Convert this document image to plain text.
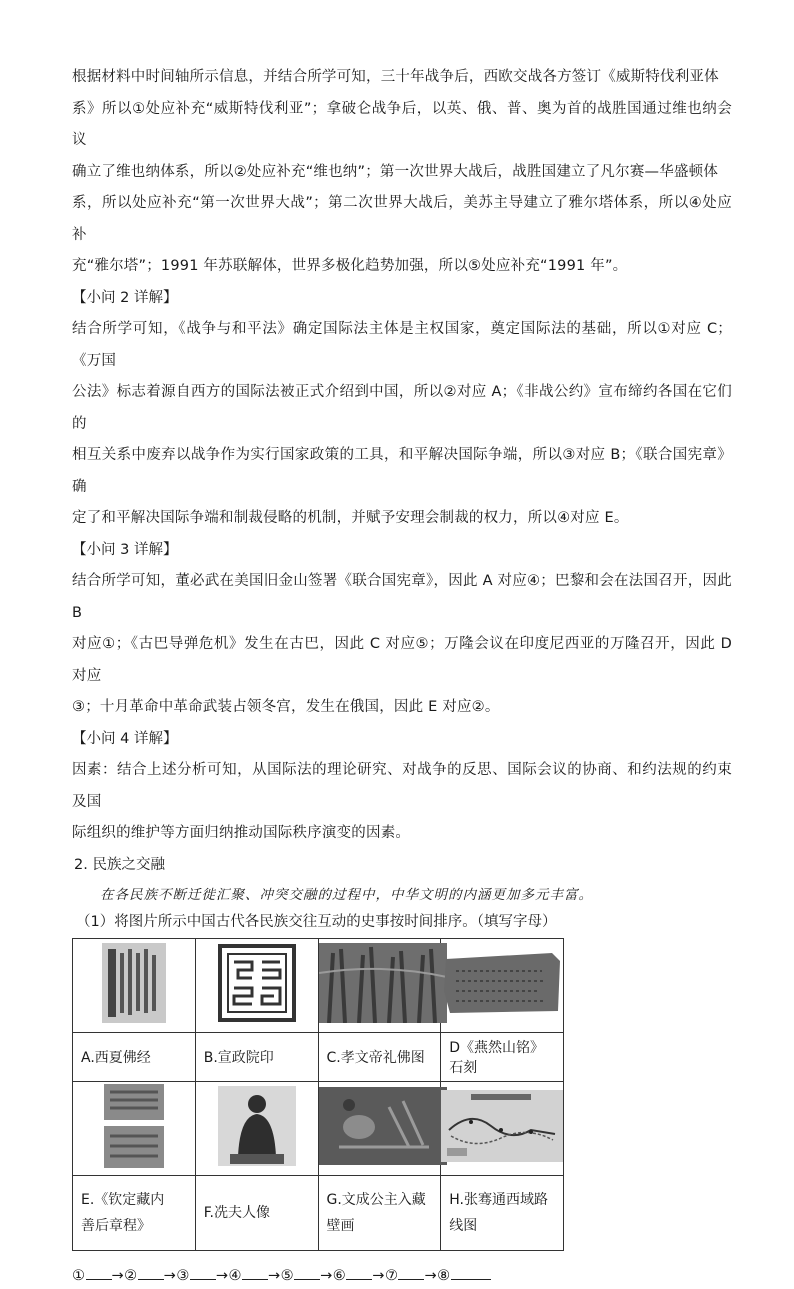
根据材料中时间轴所示信息，并结合所学可知，三十年战争后，西欧交战各方签订《威斯特伐利亚体

系》所以①处应补充“威斯特伐利亚”；拿破仑战争后，以英、俄、普、奥为首的战胜国通过维也纳会议

确立了维也纳体系，所以②处应补充“维也纳”；第一次世界大战后，战胜国建立了凡尔赛—华盛顿体

系，所以处应补充“第一次世界大战”；第二次世界大战后，美苏主导建立了雅尔塔体系，所以④处应补

充“雅尔塔”；1991 年苏联解体，世界多极化趋势加强，所以⑤处应补充“1991 年”。

【小问 2 详解】

结合所学可知，《战争与和平法》确定国际法主体是主权国家，奠定国际法的基础，所以①对应 C；《万国

公法》标志着源自西方的国际法被正式介绍到中国，所以②对应 A；《非战公约》宣布缔约各国在它们的

相互关系中废弃以战争作为实行国家政策的工具，和平解决国际争端，所以③对应 B；《联合国宪章》确

定了和平解决国际争端和制裁侵略的机制，并赋予安理会制裁的权力，所以④对应 E。

【小问 3 详解】

结合所学可知，董必武在美国旧金山签署《联合国宪章》，因此 A 对应④；巴黎和会在法国召开，因此 B

对应①；《古巴导弹危机》发生在古巴，因此 C 对应⑤；万隆会议在印度尼西亚的万隆召开，因此 D 对应

③；十月革命中革命武装占领冬宫，发生在俄国，因此 E 对应②。

【小问 4 详解】

因素：结合上述分析可知，从国际法的理论研究、对战争的反思、国际会议的协商、和约法规的约束及国

际组织的维护等方面归纳推动国际秩序演变的因素。

2. 民族之交融

在各民族不断迁徙汇聚、冲突交融的过程中，中华文明的内涵更加多元丰富。

（1）将图片所示中国古代各民族交往互动的史事按时间排序。（填写字母）

A.西夏佛经	B.宣政院印	C.孝文帝礼佛图	D《燕然山铭》石刻

E.《钦定藏内
善后章程》	F.冼夫人像	G.文成公主入藏壁画	H.张骞通西域路线图
① →② →③ →④ →⑤ →⑥ →⑦ →⑧
